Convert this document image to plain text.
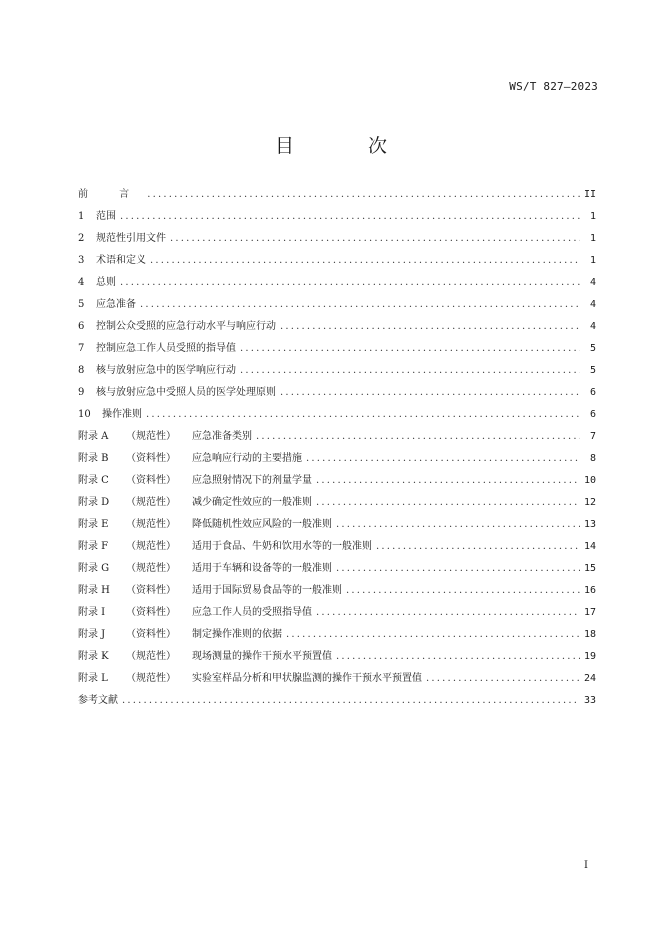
WS/T 827—2023
目 次
前 言 .....	II
1	范围 .....	1
2	规范性引用文件 .....	1
3	术语和定义 .....	1
4	总则 .....	4
5	应急准备 .....	4
6	控制公众受照的应急行动水平与响应行动 .....	4
7	控制应急工作人员受照的指导值 .....	5
8	核与放射应急中的医学响应行动 .....	5
9	核与放射应急中受照人员的医学处理原则 .....	6
10	操作准则 .....	6
附录 A	（规范性）	应急准备类别 .....	7
附录 B	（资料性）	应急响应行动的主要措施 .....	8
附录 C	（资料性）	应急照射情况下的剂量学量 .....	10
附录 D	（规范性）	减少确定性效应的一般准则 .....	12
附录 E	（规范性）	降低随机性效应风险的一般准则 .....	13
附录 F	（规范性）	适用于食品、牛奶和饮用水等的一般准则 .....	14
附录 G	（规范性）	适用于车辆和设备等的一般准则 .....	15
附录 H	（资料性）	适用于国际贸易食品等的一般准则 .....	16
附录 I	（资料性）	应急工作人员的受照指导值 .....	17
附录 J	（资料性）	制定操作准则的依据 .....	18
附录 K	（规范性）	现场测量的操作干预水平预置值 .....	19
附录 L	（规范性）	实验室样品分析和甲状腺监测的操作干预水平预置值 .....	24
参考文献 .....	33
I
